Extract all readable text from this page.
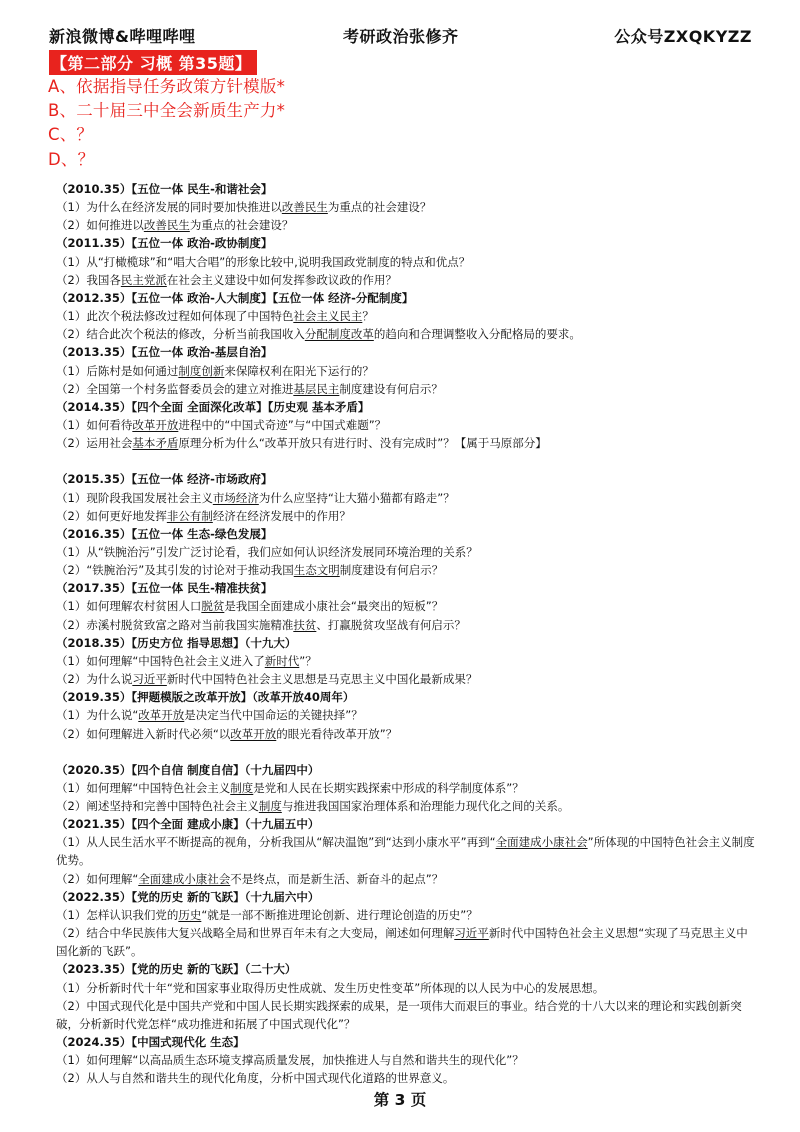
新浪微博&哔哩哔哩	考研政治张修齐	公众号ZXQKYZZ
【第二部分 习概 第35题】
A、依据指导任务政策方针模版*
B、二十届三中全会新质生产力*
C、？
D、？
（2010.35）【五位一体 民生-和谐社会】
（1）为什么在经济发展的同时要加快推进以改善民生为重点的社会建设？
（2）如何推进以改善民生为重点的社会建设？
（2011.35）【五位一体 政治-政协制度】
（1）从“打橄榄球”和“唱大合唱”的形象比较中,说明我国政党制度的特点和优点？
（2）我国各民主党派在社会主义建设中如何发挥参政议政的作用？
（2012.35）【五位一体 政治-人大制度】【五位一体 经济-分配制度】
（1）此次个税法修改过程如何体现了中国特色社会主义民主？
（2）结合此次个税法的修改，分析当前我国收入分配制度改革的趋向和合理调整收入分配格局的要求。
（2013.35）【五位一体 政治-基层自治】
（1）后陈村是如何通过制度创新来保障权利在阳光下运行的？
（2）全国第一个村务监督委员会的建立对推进基层民主制度建设有何启示？
（2014.35）【四个全面 全面深化改革】【历史观 基本矛盾】
（1）如何看待改革开放进程中的“中国式奇迹”与“中国式难题”？
（2）运用社会基本矛盾原理分析为什么“改革开放只有进行时、没有完成时”？【属于马原部分】
（2015.35）【五位一体 经济-市场政府】
（1）现阶段我国发展社会主义市场经济为什么应坚持“让大猫小猫都有路走”？
（2）如何更好地发挥非公有制经济在经济发展中的作用？
（2016.35）【五位一体 生态-绿色发展】
（1）从“铁腕治污”引发广泛讨论看，我们应如何认识经济发展同环境治理的关系？
（2）“铁腕治污”及其引发的讨论对于推动我国生态文明制度建设有何启示？
（2017.35）【五位一体 民生-精准扶贫】
（1）如何理解农村贫困人口脱贫是我国全面建成小康社会“最突出的短板”？
（2）赤溪村脱贫致富之路对当前我国实施精准扶贫、打赢脱贫攻坚战有何启示？
（2018.35）【历史方位 指导思想】（十九大）
（1）如何理解“中国特色社会主义进入了新时代”？
（2）为什么说习近平新时代中国特色社会主义思想是马克思主义中国化最新成果？
（2019.35）【押题模版之改革开放】（改革开放40周年）
（1）为什么说“改革开放是决定当代中国命运的关键抉择”？
（2）如何理解进入新时代必须“以改革开放的眼光看待改革开放”？
（2020.35）【四个自信 制度自信】（十九届四中）
（1）如何理解“中国特色社会主义制度是党和人民在长期实践探索中形成的科学制度体系”？
（2）阐述坚持和完善中国特色社会主义制度与推进我国国家治理体系和治理能力现代化之间的关系。
（2021.35）【四个全面 建成小康】（十九届五中）
（1）从人民生活水平不断提高的视角，分析我国从“解决温饱”到“达到小康水平”再到“全面建成小康社会”所体现的中国特色社会主义制度优势。
（2）如何理解“全面建成小康社会不是终点，而是新生活、新奋斗的起点”？
（2022.35）【党的历史 新的飞跃】（十九届六中）
（1）怎样认识我们党的历史“就是一部不断推进理论创新、进行理论创造的历史”？
（2）结合中华民族伟大复兴战略全局和世界百年未有之大变局，阐述如何理解习近平新时代中国特色社会主义思想“实现了马克思主义中国化新的飞跃”。
（2023.35）【党的历史 新的飞跃】（二十大）
（1）分析新时代十年“党和国家事业取得历史性成就、发生历史性变革”所体现的以人民为中心的发展思想。
（2）中国式现代化是中国共产党和中国人民长期实践探索的成果，是一项伟大而艰巨的事业。结合党的十八大以来的理论和实践创新突破，分析新时代党怎样“成功推进和拓展了中国式现代化”？
（2024.35）【中国式现代化 生态】
（1）如何理解“以高品质生态环境支撑高质量发展，加快推进人与自然和谐共生的现代化”？
（2）从人与自然和谐共生的现代化角度，分析中国式现代化道路的世界意义。
第 3 页
